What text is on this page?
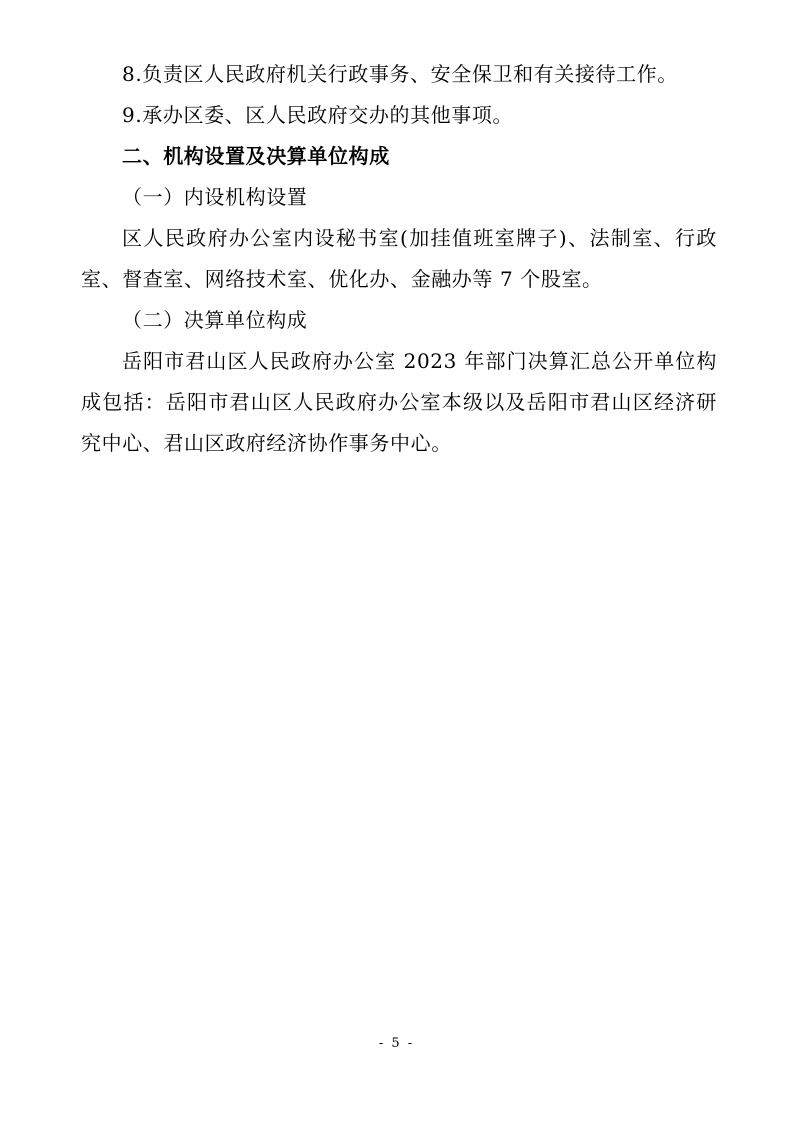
8.负责区人民政府机关行政事务、安全保卫和有关接待工作。

9.承办区委、区人民政府交办的其他事项。

二、机构设置及决算单位构成

（一）内设机构设置

区人民政府办公室内设秘书室(加挂值班室牌子)、法制室、行政室、督查室、网络技术室、优化办、金融办等 7 个股室。

（二）决算单位构成

岳阳市君山区人民政府办公室 2023 年部门决算汇总公开单位构成包括：岳阳市君山区人民政府办公室本级以及岳阳市君山区经济研究中心、君山区政府经济协作事务中心。

- 5 -
